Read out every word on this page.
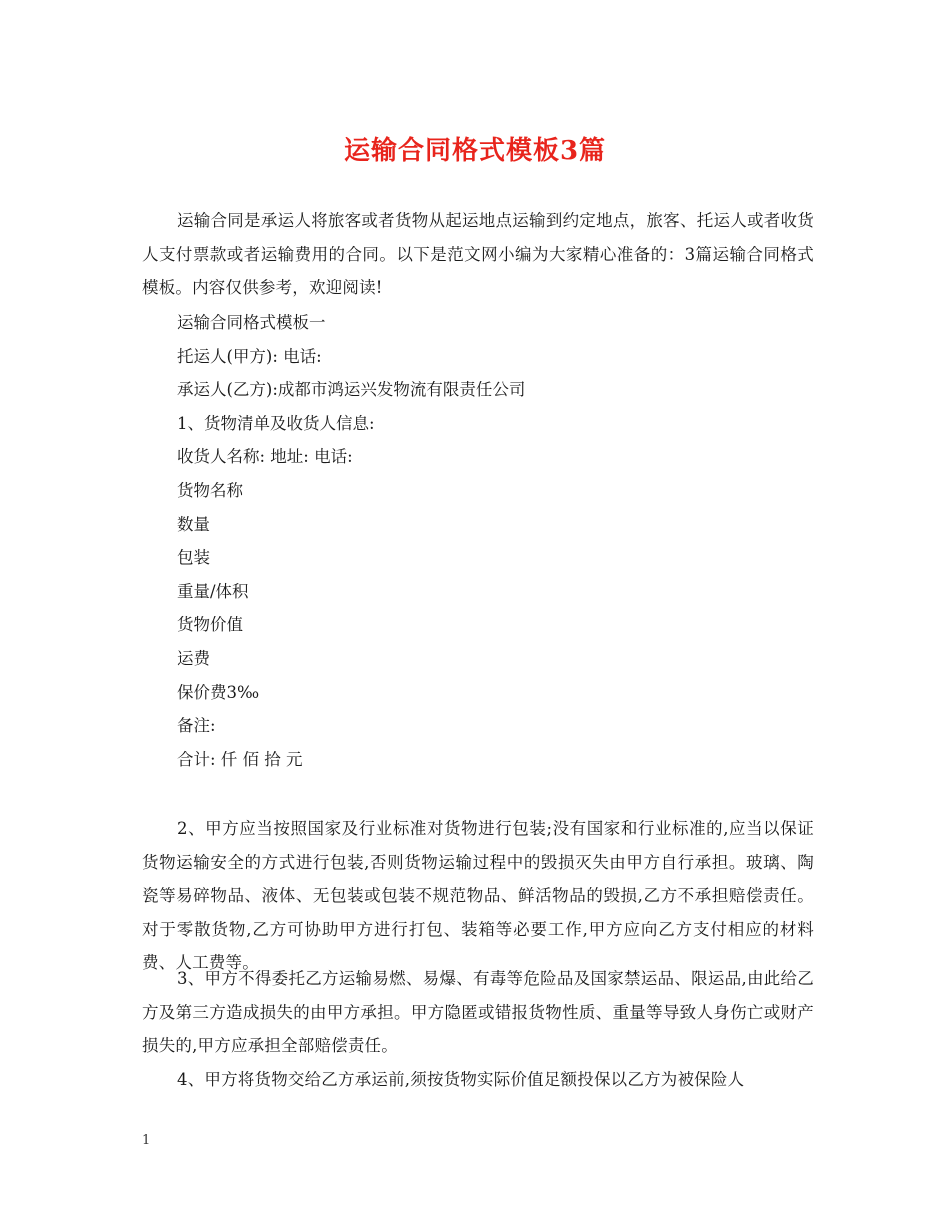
运输合同格式模板3篇
运输合同是承运人将旅客或者货物从起运地点运输到约定地点，旅客、托运人或者收货人支付票款或者运输费用的合同。以下是范文网小编为大家精心准备的：3篇运输合同格式模板。内容仅供参考，欢迎阅读!
运输合同格式模板一
托运人(甲方): 电话:
承运人(乙方):成都市鸿运兴发物流有限责任公司
1、货物清单及收货人信息:
收货人名称: 地址: 电话:
货物名称
数量
包装
重量/体积
货物价值
运费
保价费3‰
备注:
合计: 仟 佰 拾 元
2、甲方应当按照国家及行业标准对货物进行包装;没有国家和行业标准的,应当以保证货物运输安全的方式进行包装,否则货物运输过程中的毁损灭失由甲方自行承担。玻璃、陶瓷等易碎物品、液体、无包装或包装不规范物品、鲜活物品的毁损,乙方不承担赔偿责任。对于零散货物,乙方可协助甲方进行打包、装箱等必要工作,甲方应向乙方支付相应的材料费、人工费等。
3、甲方不得委托乙方运输易燃、易爆、有毒等危险品及国家禁运品、限运品,由此给乙方及第三方造成损失的由甲方承担。甲方隐匿或错报货物性质、重量等导致人身伤亡或财产损失的,甲方应承担全部赔偿责任。
4、甲方将货物交给乙方承运前,须按货物实际价值足额投保以乙方为被保险人
1
